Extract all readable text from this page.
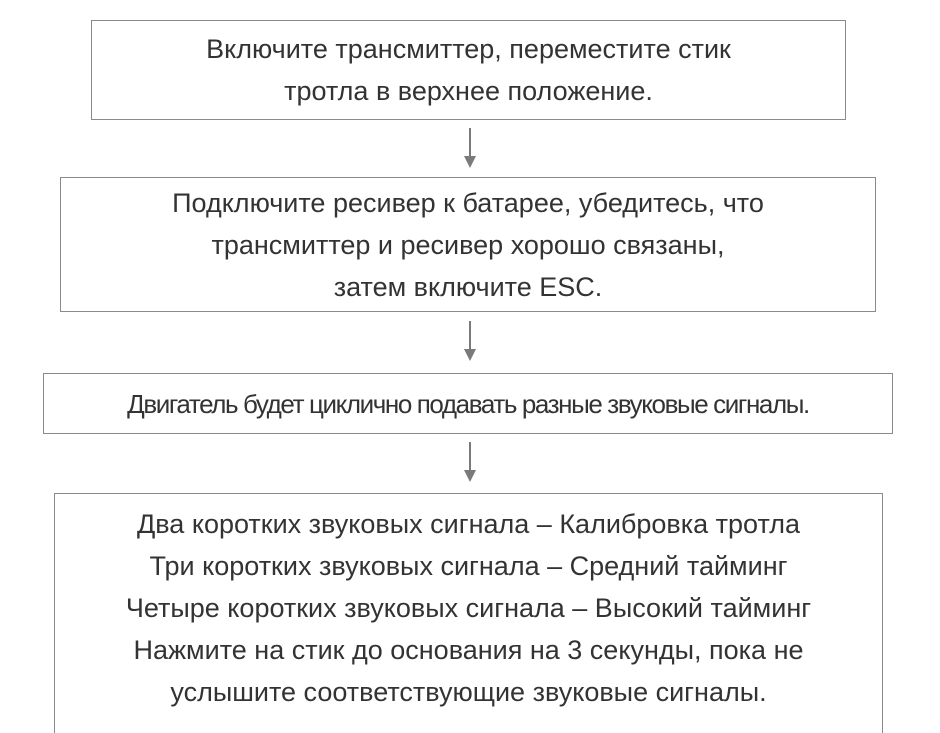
Включите трансмиттер, переместите стик
тротла в верхнее положение.
Подключите ресивер к батарее, убедитесь, что
трансмиттер и ресивер хорошо связаны,
затем включите ESC.
Двигатель будет циклично подавать разные звуковые сигналы.
Два коротких звуковых сигнала – Калибровка тротла
Три коротких звуковых сигнала – Средний тайминг
Четыре коротких звуковых сигнала – Высокий тайминг
Нажмите на стик до основания на 3 секунды, пока не
услышите соответствующие звуковые сигналы.
